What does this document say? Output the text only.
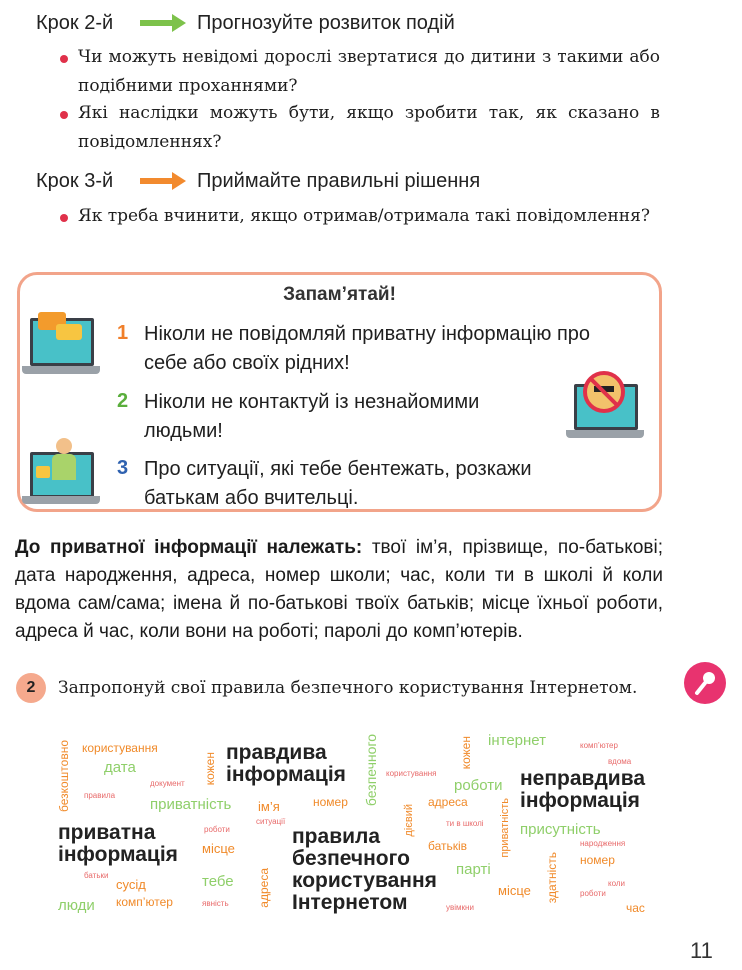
Крок 2-й	Прогнозуйте розвиток подій
Чи можуть невідомі дорослі звертатися до дитини з такими або подібними проханнями?
Які наслідки можуть бути, якщо зробити так, як сказано в повідомленнях?
Крок 3-й	Приймайте правильні рішення
Як треба вчинити, якщо отримав/отримала такі повідомлення?
Запам’ятай!
1 Ніколи не повідомляй приватну інформацію про себе або своїх рідних!
2 Ніколи не контактуй із незнайомими людьми!
3 Про ситуації, які тебе бентежать, розкажи батькам або вчительці.
До приватної інформації належать: твої ім’я, прізвище, по-батькові; дата народження, адреса, номер школи; час, коли ти в школі й коли вдома сам/сама; імена й по-батькові твоїх батьків; місце їхньої роботи, адреса й час, коли вони на роботі; паролі до комп’ютерів.
2	Запропонуй свої правила безпечного користування Інтернетом.
правдива інформація	неправдива інформація
приватна інформація
правила безпечного користування Інтернетом
користування
дата
документ
правила
приватність ім’я	номер
безкоштовно	кожен	безпечного користування
інтернет
кожен	комп’ютер
вдома
роботи
адреса
дієвий	ти в школі приватність присутність
народження
батьків
роботи
ситуації
місце
тебе
сусід
батьки
люди комп’ютер	явність адреса	парті
номер
місце здатність	коли
роботи
час
увімкни
11
